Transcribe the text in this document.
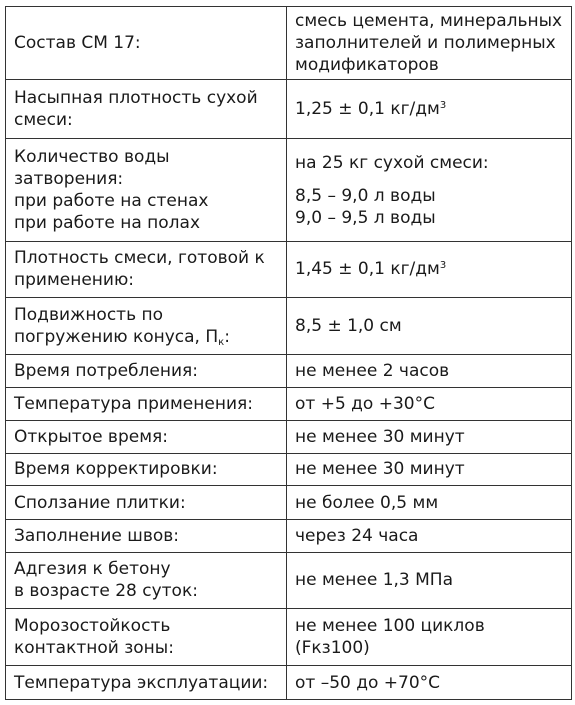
Состав СМ 17:	смесь цемента, минеральных
заполнителей и полимерных
модификаторов

Насыпная плотность сухой
смеси:	1,25 ± 0,1 $кг/дм^3$

Количество воды
затворения:
при работе на стенах
при работе на полах	на 25 кг сухой смеси:
8,5 – 9,0 л воды
9,0 – 9,5 л воды

Плотность смеси, готовой к
применению:	1,45 ± 0,1 $кг/дм^3$

Подвижность по
погружению конуса, $П_к$:	8,5 ± 1,0 см

Время потребления:	не менее 2 часов

Температура применения:	от +5 до +30°С

Открытое время:	не менее 30 минут

Время корректировки:	не менее 30 минут

Сползание плитки:	не более 0,5 мм

Заполнение швов:	через 24 часа

Адгезия к бетону
в возрасте 28 суток:	не менее 1,3 МПа

Морозостойкость
контактной зоны:	не менее 100 циклов
(Fкз100)

Температура эксплуатации:	от –50 до +70°С
